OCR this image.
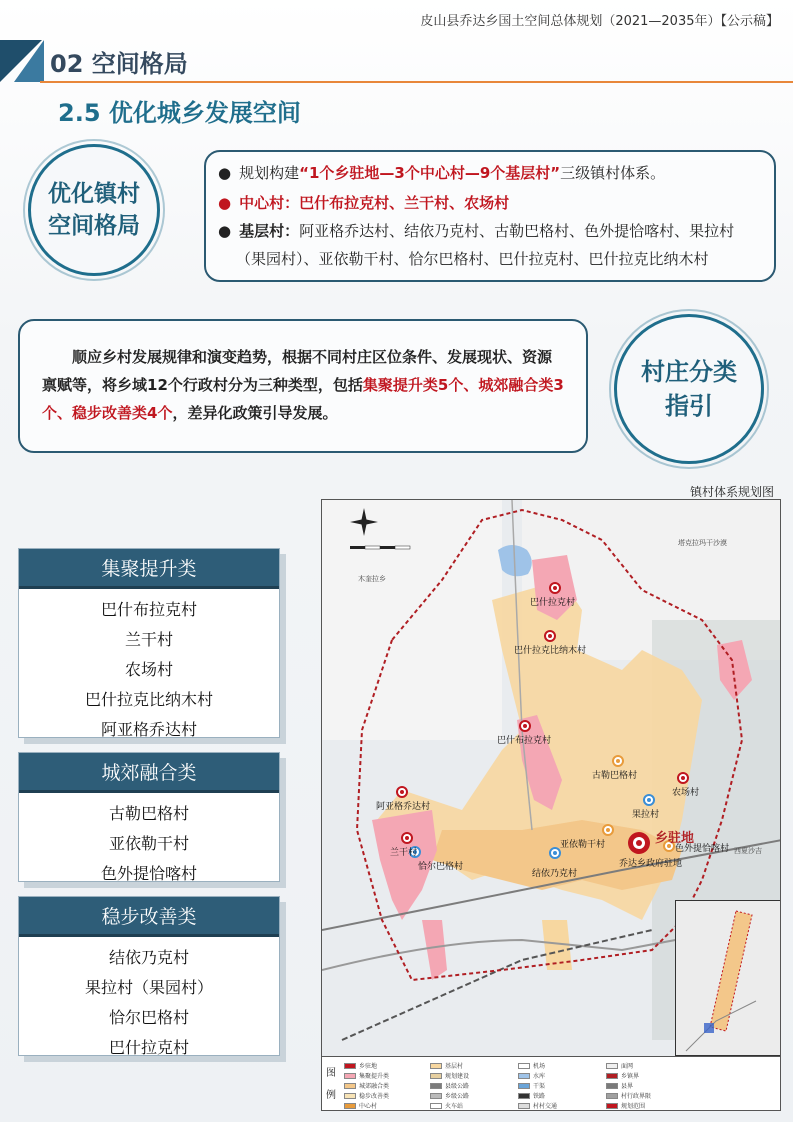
皮山县乔达乡国土空间总体规划（2021—2035年）【公示稿】
02 空间格局
2.5 优化城乡发展空间
优化镇村
空间格局
● 规划构建“1个乡驻地—3个中心村—9个基层村”三级镇村体系。
● 中心村：巴什布拉克村、兰干村、农场村
● 基层村：阿亚格乔达村、结依乃克村、古勒巴格村、色外提恰喀村、果拉村
（果园村）、亚依勒干村、恰尔巴格村、巴什拉克村、巴什拉克比纳木村

顺应乡村发展规律和演变趋势，根据不同村庄区位条件、发展现状、资源禀赋等，将乡域12个行政村分为三种类型，包括集聚提升类5个、城郊融合类3个、稳步改善类4个，差异化政策引导发展。

村庄分类
指引
集聚提升类
巴什布拉克村
兰干村
农场村
巴什拉克比纳木村
阿亚格乔达村
城郊融合类
古勒巴格村
亚依勒干村
色外提恰喀村
稳步改善类
结依乃克村
果拉村（果园村）
恰尔巴格村
巴什拉克村
镇村体系规划图
木奎拉乡
塔克拉玛干沙漠
西夏沙吉
巴什拉克村
巴什拉克比纳木村
巴什布拉克村
古勒巴格村
农场村
阿亚格乔达村
果拉村
兰干村
恰尔巴格村
亚依勒干村	色外提恰喀村
结依乃克村
乔达乡政府驻地
乡驻地
图例
乡驻地
集聚提升类
城郊融合类
稳步改善类
中心村
基层村
规划建设
县级公路
乡级公路
火车站
机场
水库
干渠
铁路
村村交通
面网
乡镇界
县界
村行政界限
规划范围
